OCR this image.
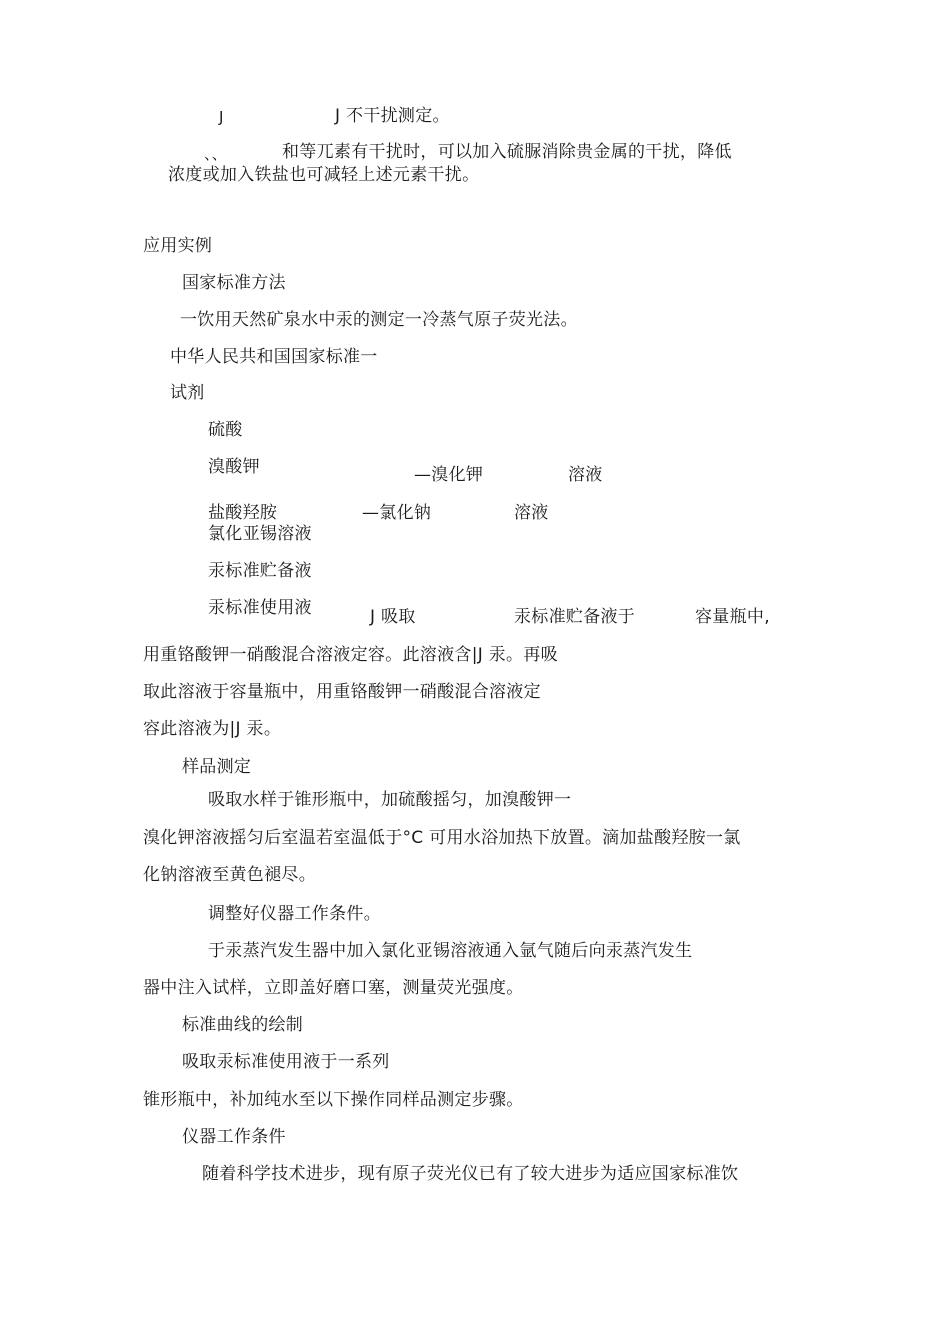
J	J 不干扰测定。
、、	和等兀素有干扰时，可以加入硫脲消除贵金属的干扰，降低
浓度或加入铁盐也可减轻上述元素干扰。
应用实例
国家标准方法
一饮用天然矿泉水中汞的测定一冷蒸气原子荧光法。
中华人民共和国国家标准一
试剂
硫酸
溴酸钾	—溴化钾	溶液
盐酸羟胺	—氯化钠	溶液
氯化亚锡溶液
汞标准贮备液
汞标准使用液	J 吸取	汞标准贮备液于	容量瓶中,
用重铬酸钾一硝酸混合溶液定容。此溶液含|J 汞。再吸
取此溶液于容量瓶中，用重铬酸钾一硝酸混合溶液定
容此溶液为|J 汞。
样品测定
吸取水样于锥形瓶中，加硫酸摇匀，加溴酸钾一
溴化钾溶液摇匀后室温若室温低于°C 可用水浴加热下放置。滴加盐酸羟胺一氯
化钠溶液至黄色褪尽。
调整好仪器工作条件。
于汞蒸汽发生器中加入氯化亚锡溶液通入氩气随后向汞蒸汽发生
器中注入试样，立即盖好磨口塞，测量荧光强度。
标准曲线的绘制
吸取汞标准使用液于一系列
锥形瓶中，补加纯水至以下操作同样品测定步骤。
仪器工作条件
随着科学技术进步，现有原子荧光仪已有了较大进步为适应国家标准饮
